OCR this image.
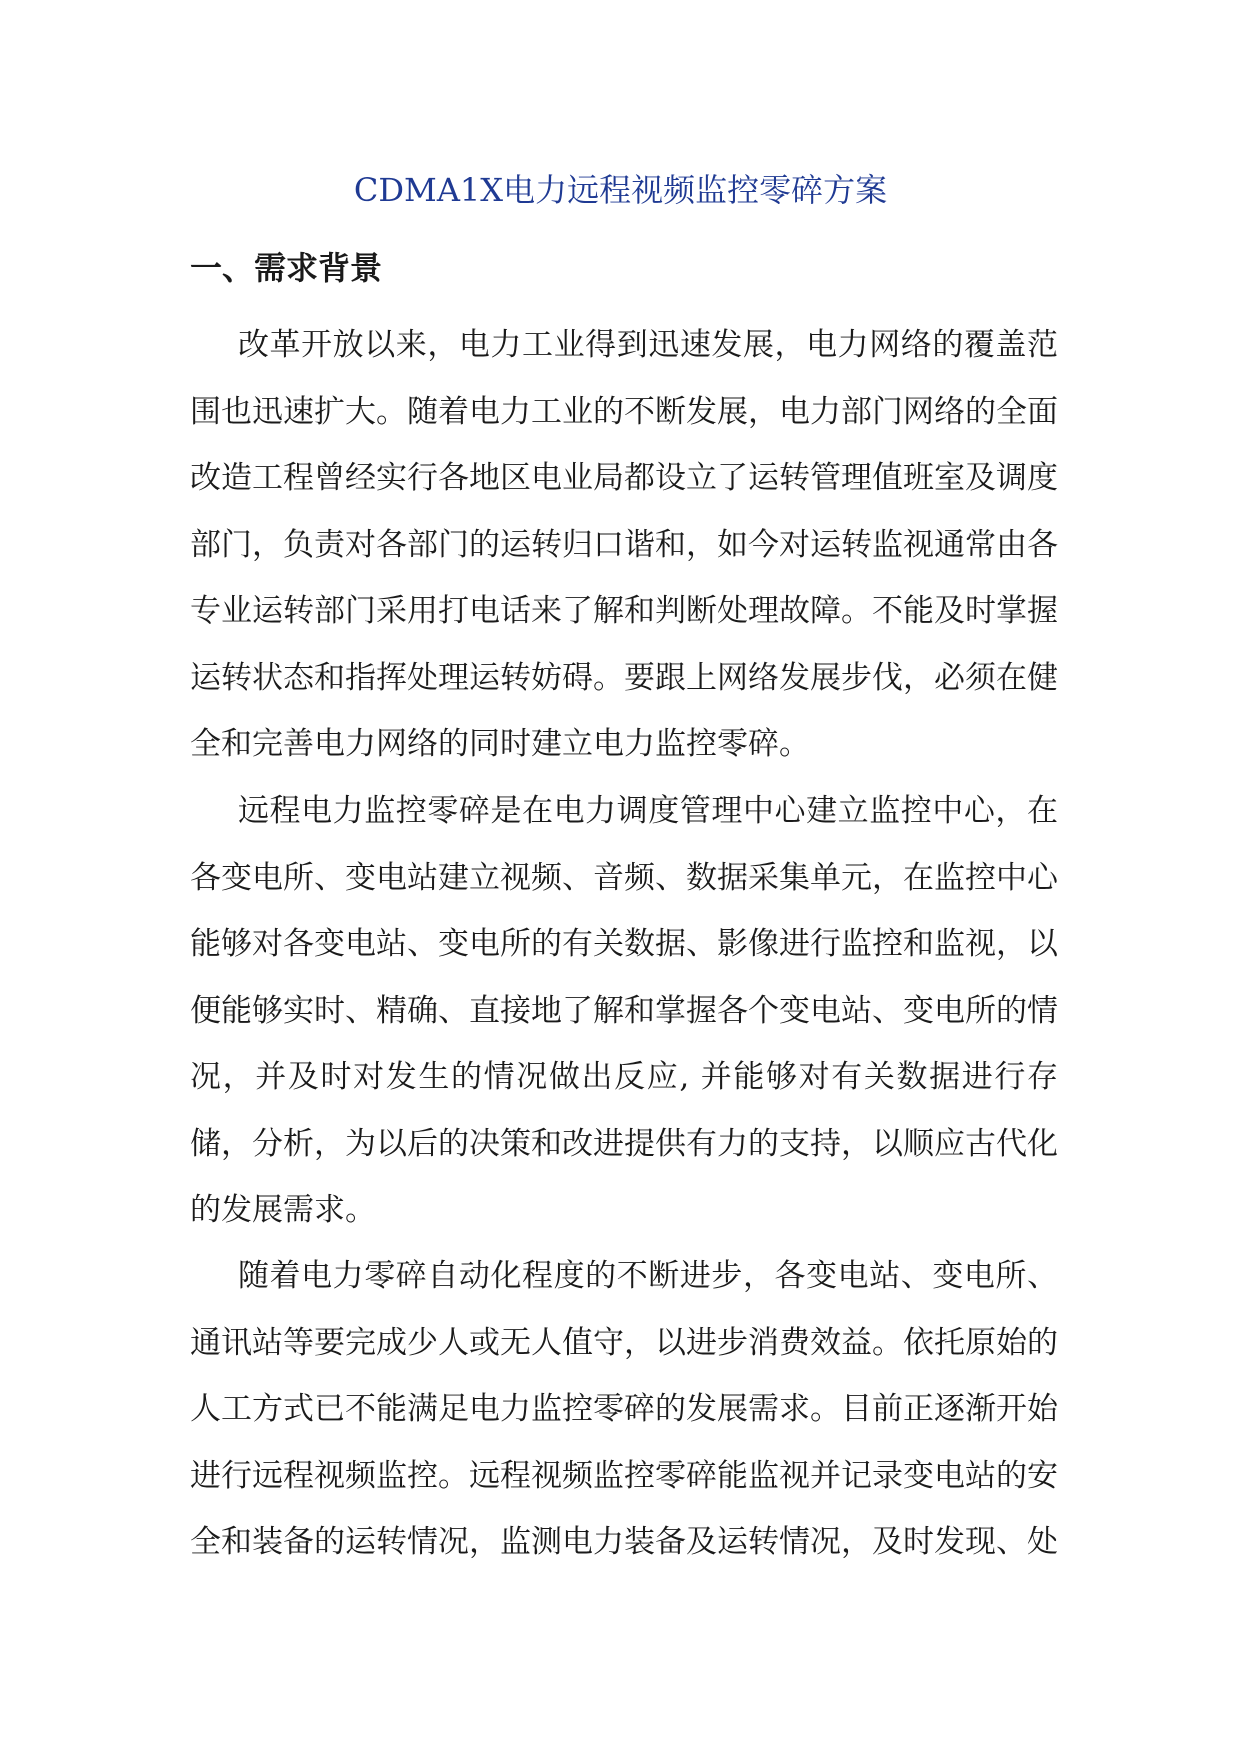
CDMA1X电力远程视频监控零碎方案
一、需求背景

改革开放以来，电力工业得到迅速发展，电力网络的覆盖范围也迅速扩大。随着电力工业的不断发展，电力部门网络的全面改造工程曾经实行各地区电业局都设立了运转管理值班室及调度部门，负责对各部门的运转归口谐和，如今对运转监视通常由各专业运转部门采用打电话来了解和判断处理故障。不能及时掌握运转状态和指挥处理运转妨碍。要跟上网络发展步伐，必须在健全和完善电力网络的同时建立电力监控零碎。

远程电力监控零碎是在电力调度管理中心建立监控中心，在各变电所、变电站建立视频、音频、数据采集单元，在监控中心能够对各变电站、变电所的有关数据、影像进行监控和监视，以便能够实时、精确、直接地了解和掌握各个变电站、变电所的情况，并及时对发生的情况做出反应, 并能够对有关数据进行存储，分析，为以后的决策和改进提供有力的支持，以顺应古代化的发展需求。

随着电力零碎自动化程度的不断进步，各变电站、变电所、通讯站等要完成少人或无人值守，以进步消费效益。依托原始的人工方式已不能满足电力监控零碎的发展需求。目前正逐渐开始进行远程视频监控。远程视频监控零碎能监视并记录变电站的安全和装备的运转情况，监测电力装备及运转情况，及时发现、处
